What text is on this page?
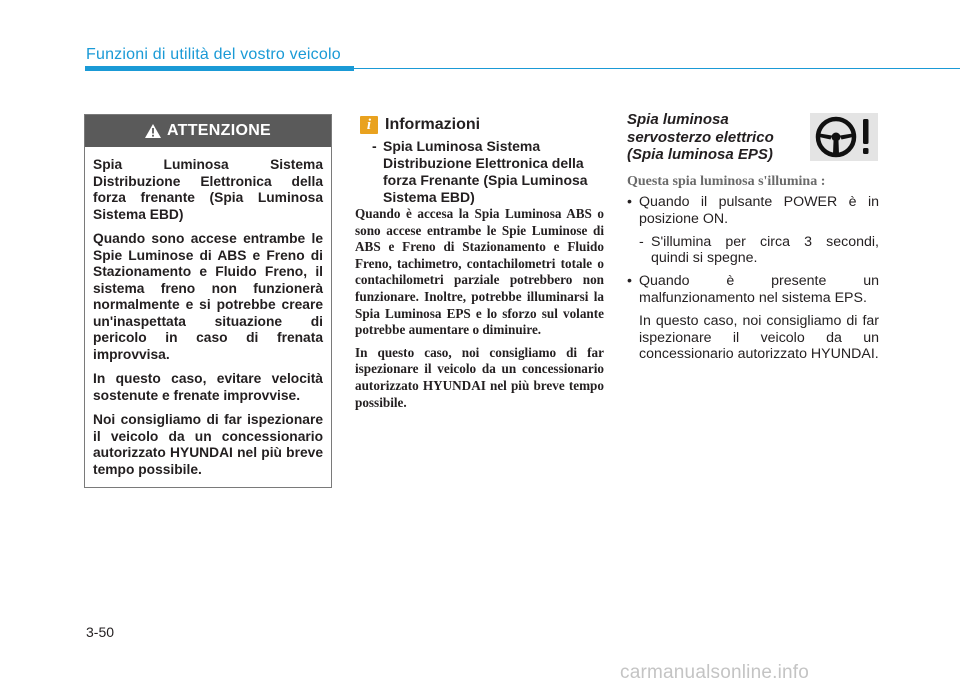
Funzioni di utilità del vostro veicolo
ATTENZIONE

Spia Luminosa Sistema Distribuzione Elettronica della forza frenante (Spia Luminosa Sistema EBD)

Quando sono accese entrambe le Spie Luminose di ABS e Freno di Stazionamento e Fluido Freno, il sistema freno non funzionerà normalmente e si potrebbe creare un'inaspettata situazione di pericolo in caso di frenata improvvisa.

In questo caso, evitare velocità sostenute e frenate improvvise.

Noi consigliamo di far ispezionare il veicolo da un concessionario autorizzato HYUNDAI nel più breve tempo possibile.

i Informazioni
- Spia Luminosa Sistema Distribuzione Elettronica della forza Frenante (Spia Luminosa Sistema EBD)

Quando è accesa la Spia Luminosa ABS o sono accese entrambe le Spie Luminose di ABS e Freno di Stazionamento e Fluido Freno, tachimetro, contachilometri totale o contachilometri parziale potrebbero non funzionare. Inoltre, potrebbe illuminarsi la Spia Luminosa EPS e lo sforzo sul volante potrebbe aumentare o diminuire.

In questo caso, noi consigliamo di far ispezionare il veicolo da un concessionario autorizzato HYUNDAI nel più breve tempo possibile.

Spia luminosa
servosterzo elettrico
(Spia luminosa EPS)
Questa spia luminosa s'illumina :
• Quando il pulsante POWER è in posizione ON.
- S'illumina per circa 3 secondi, quindi si spegne.
• Quando è presente un malfunzionamento nel sistema EPS.

In questo caso, noi consigliamo di far ispezionare il veicolo da un concessionario autorizzato HYUNDAI.

3-50
carmanualsonline.info
